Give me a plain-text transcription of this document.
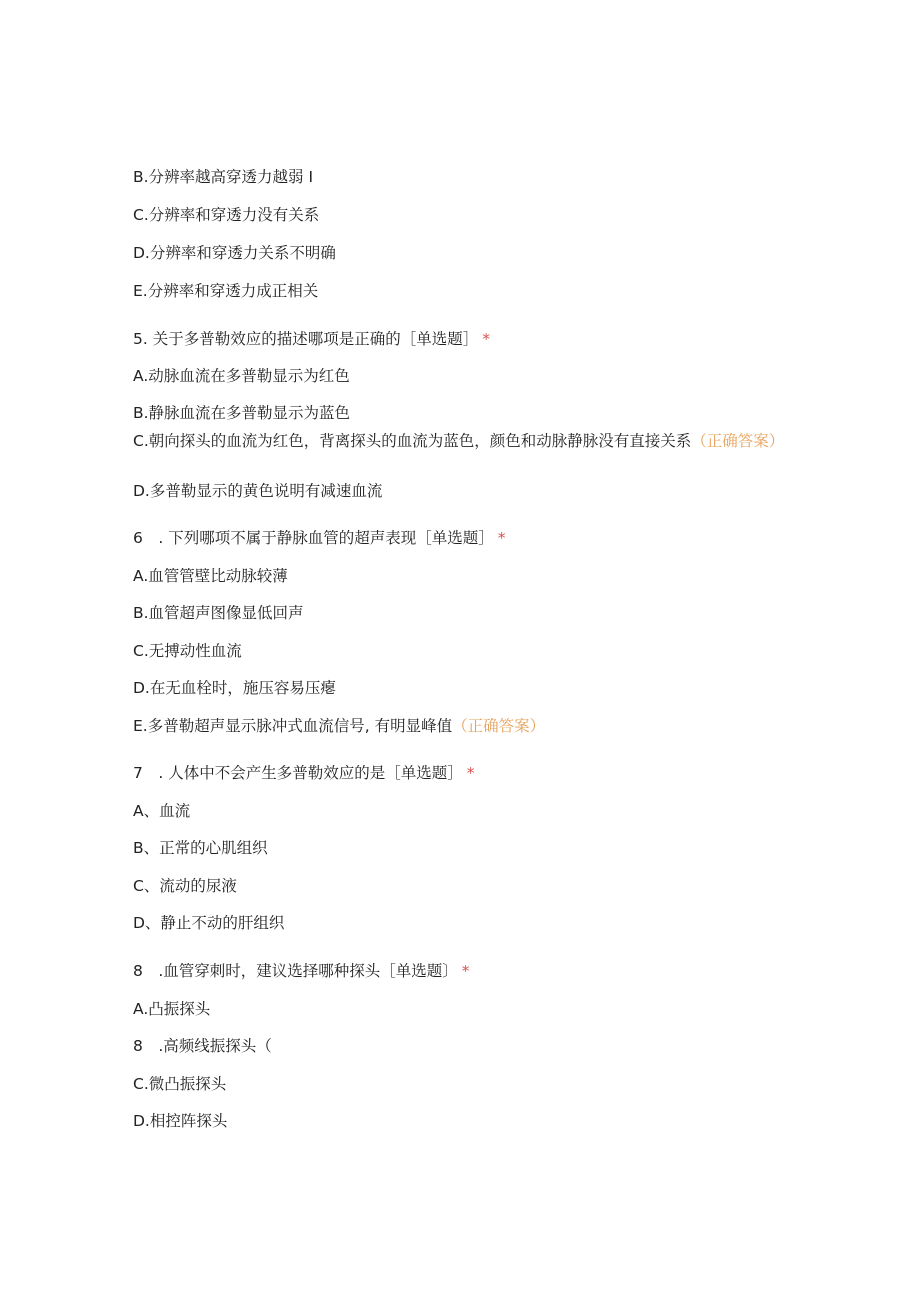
B.分辨率越高穿透力越弱 I
C.分辨率和穿透力没有关系
D.分辨率和穿透力关系不明确
E.分辨率和穿透力成正相关
5. 关于多普勒效应的描述哪项是正确的［单选题］ *
A.动脉血流在多普勒显示为红色
B.静脉血流在多普勒显示为蓝色
C.朝向探头的血流为红色，背离探头的血流为蓝色，颜色和动脉静脉没有直接关系（正确答案）
D.多普勒显示的黄色说明有减速血流
6　. 下列哪项不属于静脉血管的超声表现［单选题］ *
A.血管管壁比动脉较薄
B.血管超声图像显低回声
C.无搏动性血流
D.在无血栓时，施压容易压瘪
E.多普勒超声显示脉冲式血流信号, 有明显峰值（正确答案）
7　. 人体中不会产生多普勒效应的是［单选题］ *
A、血流
B、正常的心肌组织
C、流动的尿液
D、静止不动的肝组织
8　.血管穿刺时，建议选择哪种探头［单选题〕 *
A.凸振探头
8　.高频线振探头（
C.微凸振探头
D.相控阵探头
